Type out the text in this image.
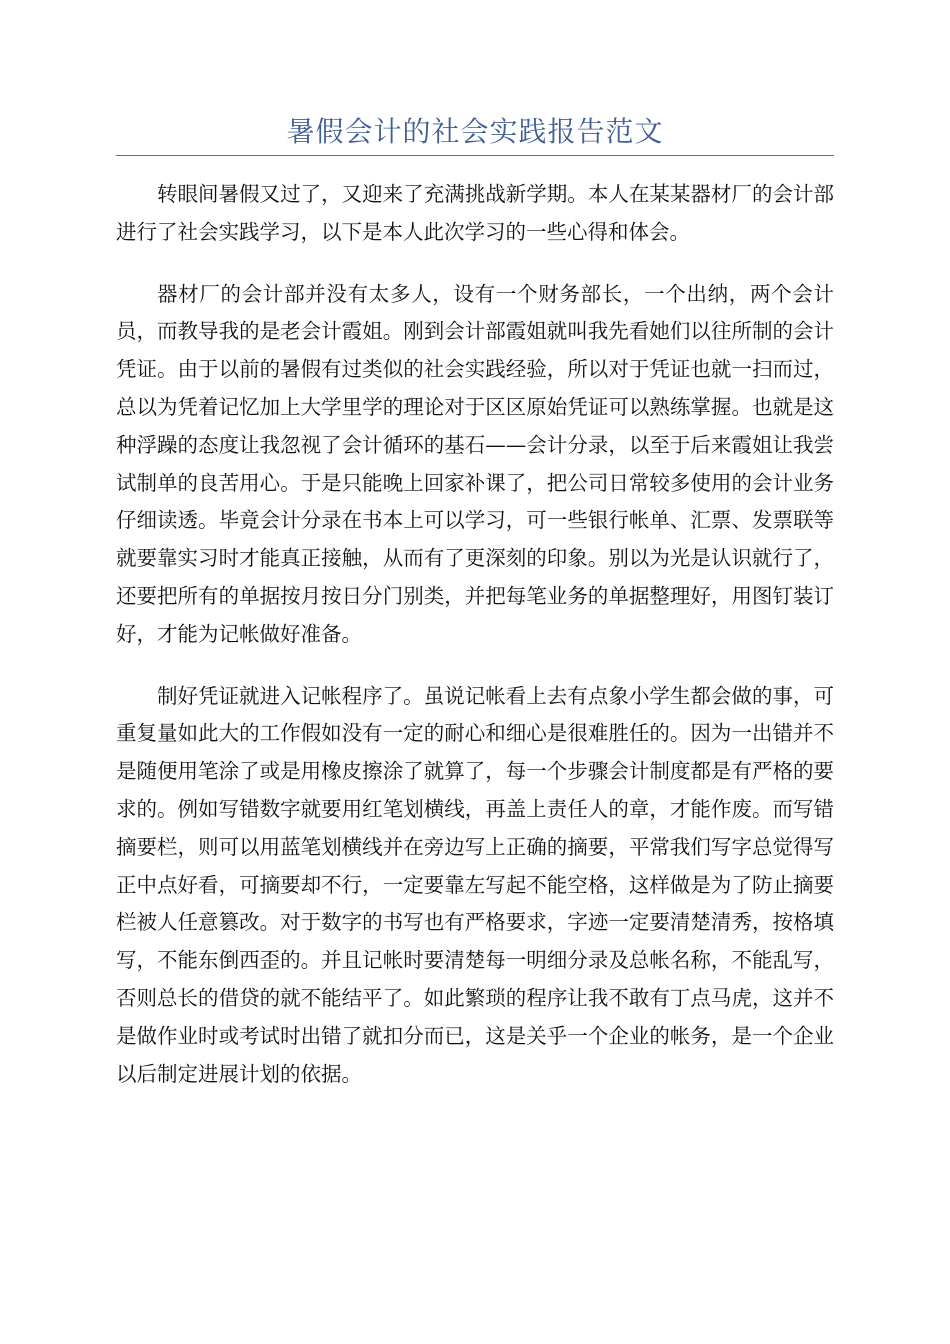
暑假会计的社会实践报告范文

转眼间暑假又过了，又迎来了充满挑战新学期。本人在某某器材厂的会计部进行了社会实践学习，以下是本人此次学习的一些心得和体会。

器材厂的会计部并没有太多人，设有一个财务部长，一个出纳，两个会计员，而教导我的是老会计霞姐。刚到会计部霞姐就叫我先看她们以往所制的会计凭证。由于以前的暑假有过类似的社会实践经验，所以对于凭证也就一扫而过，总以为凭着记忆加上大学里学的理论对于区区原始凭证可以熟练掌握。也就是这种浮躁的态度让我忽视了会计循环的基石——会计分录，以至于后来霞姐让我尝试制单的良苦用心。于是只能晚上回家补课了，把公司日常较多使用的会计业务仔细读透。毕竟会计分录在书本上可以学习，可一些银行帐单、汇票、发票联等就要靠实习时才能真正接触，从而有了更深刻的印象。别以为光是认识就行了，还要把所有的单据按月按日分门别类，并把每笔业务的单据整理好，用图钉装订好，才能为记帐做好准备。

制好凭证就进入记帐程序了。虽说记帐看上去有点象小学生都会做的事，可重复量如此大的工作假如没有一定的耐心和细心是很难胜任的。因为一出错并不是随便用笔涂了或是用橡皮擦涂了就算了，每一个步骤会计制度都是有严格的要求的。例如写错数字就要用红笔划横线，再盖上责任人的章，才能作废。而写错摘要栏，则可以用蓝笔划横线并在旁边写上正确的摘要，平常我们写字总觉得写正中点好看，可摘要却不行，一定要靠左写起不能空格，这样做是为了防止摘要栏被人任意篡改。对于数字的书写也有严格要求，字迹一定要清楚清秀，按格填写，不能东倒西歪的。并且记帐时要清楚每一明细分录及总帐名称，不能乱写，否则总长的借贷的就不能结平了。如此繁琐的程序让我不敢有丁点马虎，这并不是做作业时或考试时出错了就扣分而已，这是关乎一个企业的帐务，是一个企业以后制定进展计划的依据。
